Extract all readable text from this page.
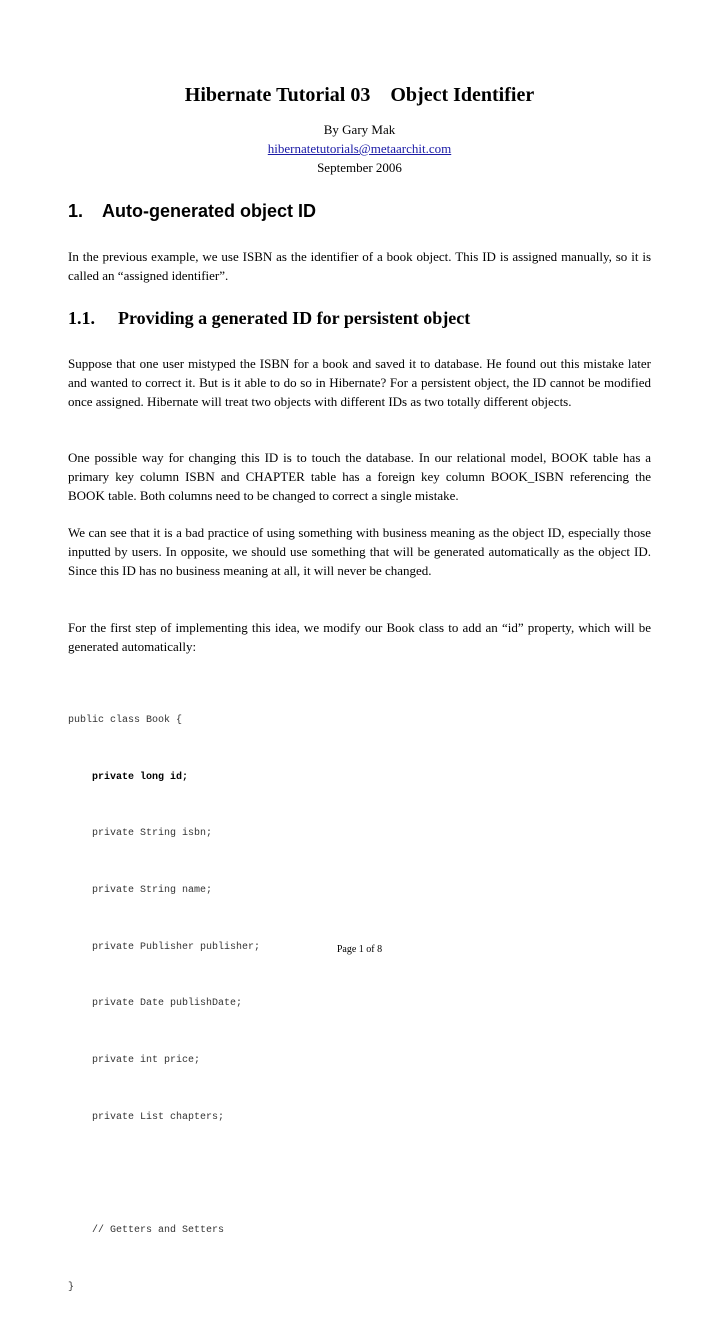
Hibernate Tutorial 03    Object Identifier
By Gary Mak
hibernatetutorials@metaarchit.com
September 2006
1. Auto-generated object ID
In the previous example, we use ISBN as the identifier of a book object. This ID is assigned manually, so it is called an “assigned identifier”.
1.1. Providing a generated ID for persistent object
Suppose that one user mistyped the ISBN for a book and saved it to database. He found out this mistake later and wanted to correct it. But is it able to do so in Hibernate? For a persistent object, the ID cannot be modified once assigned. Hibernate will treat two objects with different IDs as two totally different objects.
One possible way for changing this ID is to touch the database. In our relational model, BOOK table has a primary key column ISBN and CHAPTER table has a foreign key column BOOK_ISBN referencing the BOOK table. Both columns need to be changed to correct a single mistake.
We can see that it is a bad practice of using something with business meaning as the object ID, especially those inputted by users. In opposite, we should use something that will be generated automatically as the object ID. Since this ID has no business meaning at all, it will never be changed.
For the first step of implementing this idea, we modify our Book class to add an “id” property, which will be generated automatically:

public class Book {

private long id;

private String isbn;

private String name;

private Publisher publisher;

private Date publishDate;

private int price;

private List chapters;

// Getters and Setters

}

Page 1 of 8
